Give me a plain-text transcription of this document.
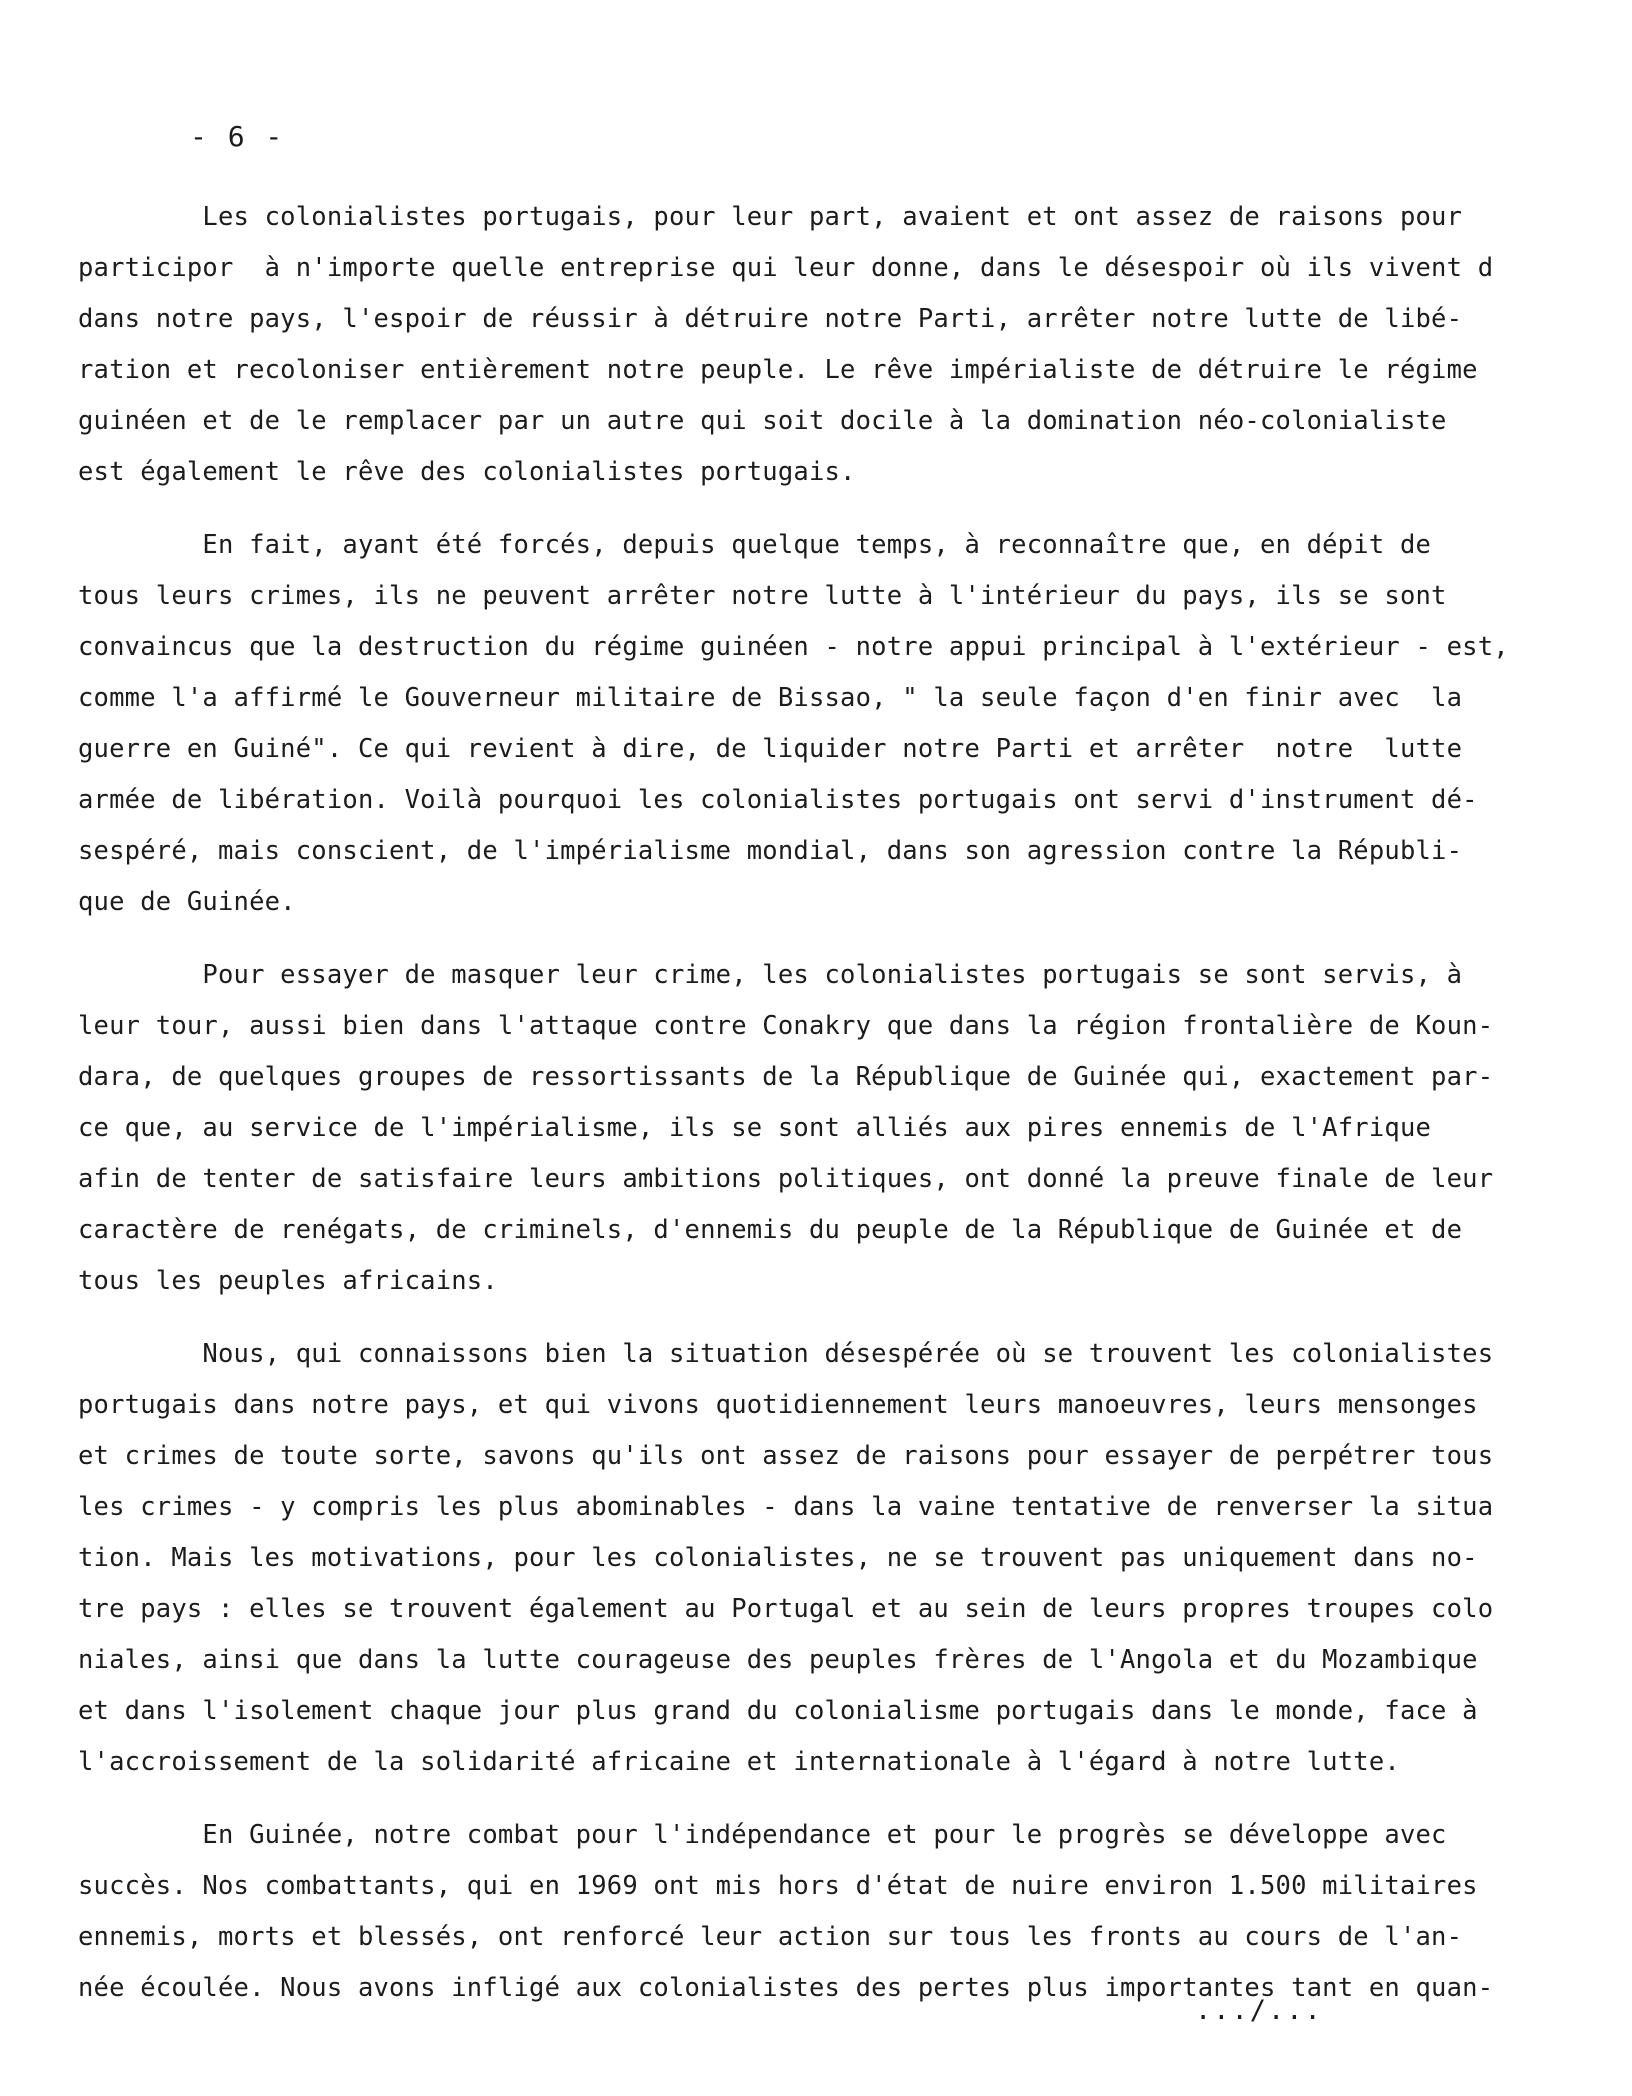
- 6 -
Les colonialistes portugais, pour leur part, avaient et ont assez de raisons pour
participor  à n'importe quelle entreprise qui leur donne, dans le désespoir où ils vivent d
dans notre pays, l'espoir de réussir à détruire notre Parti, arrêter notre lutte de libé-
ration et recoloniser entièrement notre peuple. Le rêve impérialiste de détruire le régime
guinéen et de le remplacer par un autre qui soit docile à la domination néo-colonialiste
est également le rêve des colonialistes portugais.
En fait, ayant été forcés, depuis quelque temps, à reconnaître que, en dépit de
tous leurs crimes, ils ne peuvent arrêter notre lutte à l'intérieur du pays, ils se sont
convaincus que la destruction du régime guinéen - notre appui principal à l'extérieur - est,
comme l'a affirmé le Gouverneur militaire de Bissao, " la seule façon d'en finir avec  la
guerre en Guiné". Ce qui revient à dire, de liquider notre Parti et arrêter  notre  lutte
armée de libération. Voilà pourquoi les colonialistes portugais ont servi d'instrument dé-
sespéré, mais conscient, de l'impérialisme mondial, dans son agression contre la Républi-
que de Guinée.
Pour essayer de masquer leur crime, les colonialistes portugais se sont servis, à
leur tour, aussi bien dans l'attaque contre Conakry que dans la région frontalière de Koun-
dara, de quelques groupes de ressortissants de la République de Guinée qui, exactement par-
ce que, au service de l'impérialisme, ils se sont alliés aux pires ennemis de l'Afrique
afin de tenter de satisfaire leurs ambitions politiques, ont donné la preuve finale de leur
caractère de renégats, de criminels, d'ennemis du peuple de la République de Guinée et de
tous les peuples africains.
Nous, qui connaissons bien la situation désespérée où se trouvent les colonialistes
portugais dans notre pays, et qui vivons quotidiennement leurs manoeuvres, leurs mensonges
et crimes de toute sorte, savons qu'ils ont assez de raisons pour essayer de perpétrer tous
les crimes - y compris les plus abominables - dans la vaine tentative de renverser la situa
tion. Mais les motivations, pour les colonialistes, ne se trouvent pas uniquement dans no-
tre pays : elles se trouvent également au Portugal et au sein de leurs propres troupes colo
niales, ainsi que dans la lutte courageuse des peuples frères de l'Angola et du Mozambique
et dans l'isolement chaque jour plus grand du colonialisme portugais dans le monde, face à
l'accroissement de la solidarité africaine et internationale à l'égard à notre lutte.
En Guinée, notre combat pour l'indépendance et pour le progrès se développe avec
succès. Nos combattants, qui en 1969 ont mis hors d'état de nuire environ 1.500 militaires
ennemis, morts et blessés, ont renforcé leur action sur tous les fronts au cours de l'an-
née écoulée. Nous avons infligé aux colonialistes des pertes plus importantes tant en quan-
.../...
